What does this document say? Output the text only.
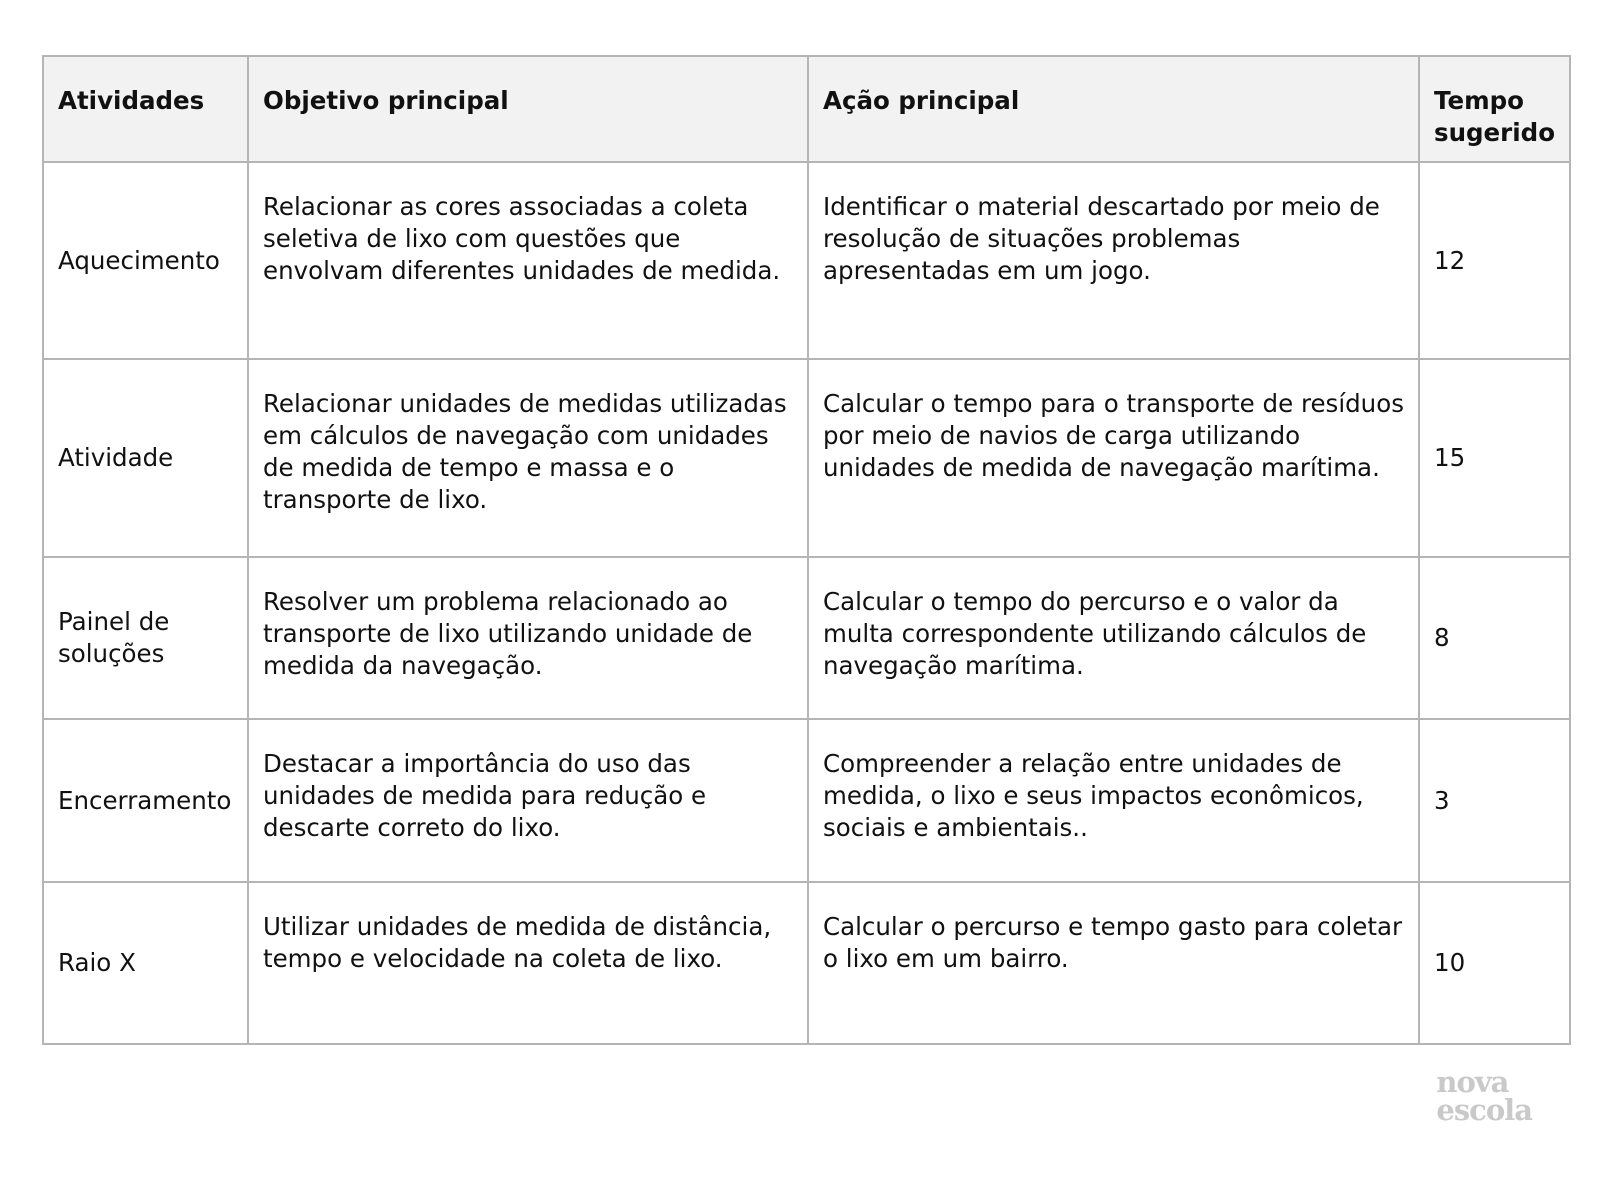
Atividades	Objetivo principal	Ação principal	Tempo sugerido
Aquecimento	Relacionar as cores associadas a coleta seletiva de lixo com questões que envolvam diferentes unidades de medida.	Identificar o material descartado por meio de resolução de situações problemas apresentadas em um jogo.	12
Atividade	Relacionar unidades de medidas utilizadas em cálculos de navegação com unidades de medida de tempo e massa e o transporte de lixo.	Calcular o tempo para o transporte de resíduos por meio de navios de carga utilizando unidades de medida de navegação marítima.	15
Painel de soluções	Resolver um problema relacionado ao transporte de lixo utilizando unidade de medida da navegação.	Calcular o tempo do percurso e o valor da multa correspondente utilizando cálculos de navegação marítima.	8
Encerramento	Destacar a importância do uso das unidades de medida para redução e descarte correto do lixo.	Compreender a relação entre unidades de medida, o lixo e seus impactos econômicos, sociais e ambientais..	3
Raio X	Utilizar unidades de medida de distância, tempo e velocidade na coleta de lixo.	Calcular o percurso e tempo gasto para coletar o lixo em um bairro.	10
nova
escola
